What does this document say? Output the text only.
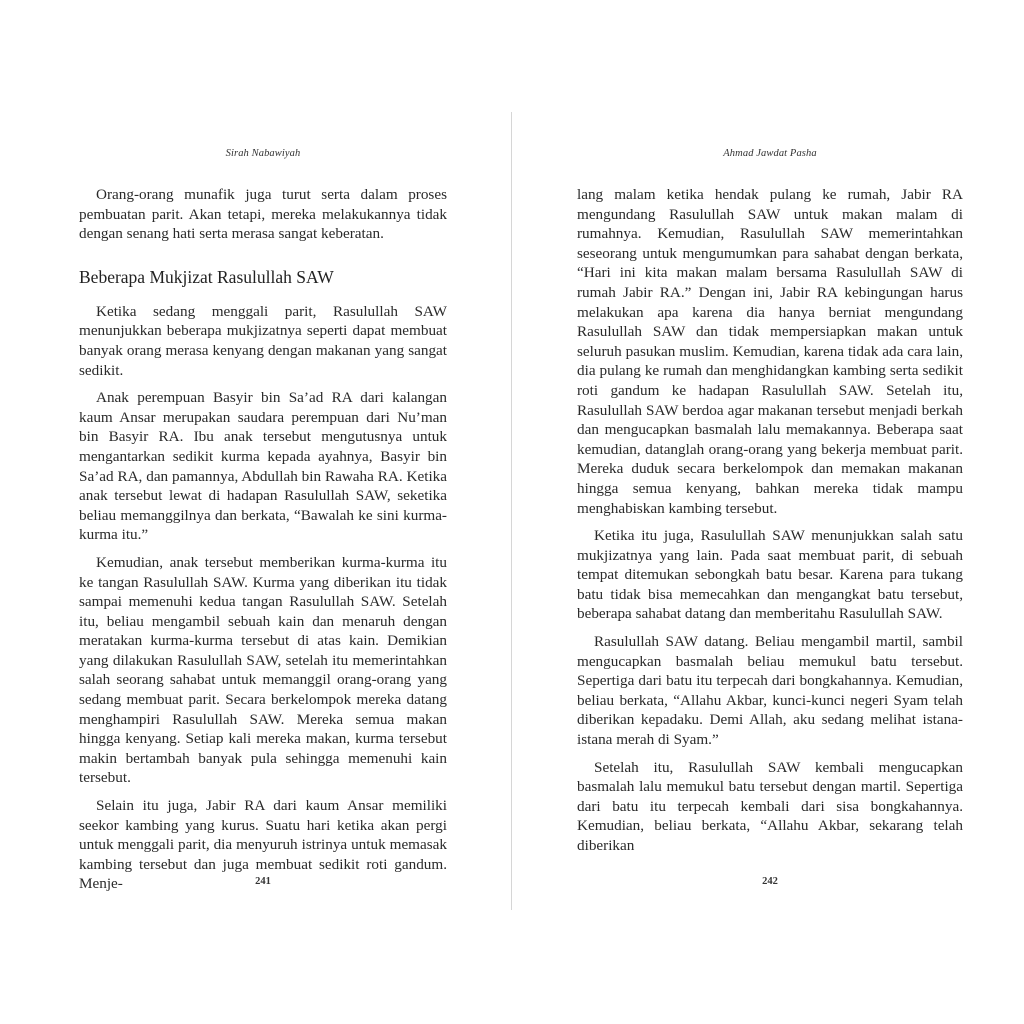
Sirah Nabawiyah

Orang-orang munafik juga turut serta dalam proses pembuatan parit. Akan tetapi, mereka melakukannya tidak dengan senang hati serta merasa sangat keberatan.

Beberapa Mukjizat Rasulullah SAW

Ketika sedang menggali parit, Rasulullah SAW menunjukkan beberapa mukjizatnya seperti dapat membuat banyak orang merasa kenyang dengan makanan yang sangat sedikit.

Anak perempuan Basyir bin Sa’ad RA dari kalangan kaum Ansar merupakan saudara perempuan dari Nu’man bin Basyir RA. Ibu anak tersebut mengutusnya untuk mengantarkan sedikit kurma kepada ayahnya, Basyir bin Sa’ad RA, dan pamannya, Abdullah bin Rawaha RA. Ketika anak tersebut lewat di hadapan Rasulullah SAW, seketika beliau memanggilnya dan berkata, “Bawalah ke sini kurma-kurma itu.”

Kemudian, anak tersebut memberikan kurma-kurma itu ke tangan Rasulullah SAW. Kurma yang diberikan itu tidak sampai memenuhi kedua tangan Rasulullah SAW. Setelah itu, beliau mengambil sebuah kain dan menaruh dengan meratakan kurma-kurma tersebut di atas kain. Demikian yang dilakukan Rasulullah SAW, setelah itu memerintahkan salah seorang sahabat untuk memanggil orang-orang yang sedang membuat parit. Secara berkelompok mereka datang menghampiri Rasulullah SAW. Mereka semua makan hingga kenyang. Setiap kali mereka makan, kurma tersebut makin bertambah banyak pula sehingga memenuhi kain tersebut.

Selain itu juga, Jabir RA dari kaum Ansar memiliki seekor kambing yang kurus. Suatu hari ketika akan pergi untuk menggali parit, dia menyuruh istrinya untuk memasak kambing tersebut dan juga membuat sedikit roti gandum. Menje-	241
Ahmad Jawdat Pasha

lang malam ketika hendak pulang ke rumah, Jabir RA mengundang Rasulullah SAW untuk makan malam di rumahnya. Kemudian, Rasulullah SAW memerintahkan seseorang untuk mengumumkan para sahabat dengan berkata, “Hari ini kita makan malam bersama Rasulullah SAW di rumah Jabir RA.” Dengan ini, Jabir RA kebingungan harus melakukan apa karena dia hanya berniat mengundang Rasulullah SAW dan tidak mempersiapkan makan untuk seluruh pasukan muslim. Kemudian, karena tidak ada cara lain, dia pulang ke rumah dan menghidangkan kambing serta sedikit roti gandum ke hadapan Rasulullah SAW. Setelah itu, Rasulullah SAW berdoa agar makanan tersebut menjadi berkah dan mengucapkan basmalah lalu memakannya. Beberapa saat kemudian, datanglah orang-orang yang bekerja membuat parit. Mereka duduk secara berkelompok dan memakan makanan hingga semua kenyang, bahkan mereka tidak mampu menghabiskan kambing tersebut.

Ketika itu juga, Rasulullah SAW menunjukkan salah satu mukjizatnya yang lain. Pada saat membuat parit, di sebuah tempat ditemukan sebongkah batu besar. Karena para tukang batu tidak bisa memecahkan dan mengangkat batu tersebut, beberapa sahabat datang dan memberitahu Rasulullah SAW.

Rasulullah SAW datang. Beliau mengambil martil, sambil mengucapkan basmalah beliau memukul batu tersebut. Sepertiga dari batu itu terpecah dari bongkahannya. Kemudian, beliau berkata, “Allahu Akbar, kunci-kunci negeri Syam telah diberikan kepadaku. Demi Allah, aku sedang melihat istana-istana merah di Syam.”

Setelah itu, Rasulullah SAW kembali mengucapkan basmalah lalu memukul batu tersebut dengan martil. Sepertiga dari batu itu terpecah kembali dari sisa bongkahannya. Kemudian, beliau berkata, “Allahu Akbar, sekarang telah diberikan

242
